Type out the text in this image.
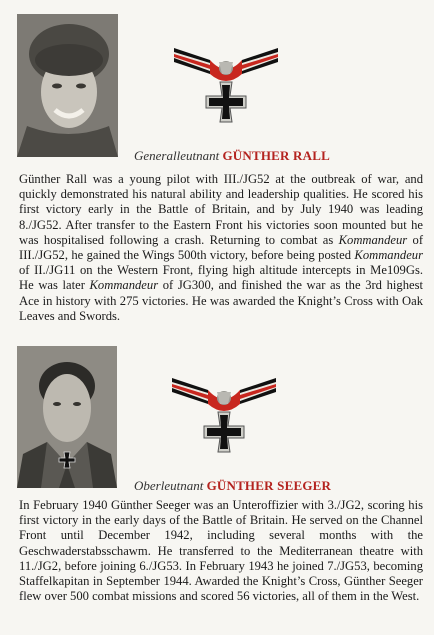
Generalleutnant GÜNTHER RALL

Günther Rall was a young pilot with III./JG52 at the outbreak of war, and quickly demonstrated his natural ability and leadership qualities. He scored his first victory early in the Battle of Britain, and by July 1940 was leading 8./JG52. After transfer to the Eastern Front his victories soon mounted but he was hospitalised following a crash. Returning to combat as Kommandeur of III./JG52, he gained the Wings 500th victory, before being posted Kommandeur of II./JG11 on the Western Front, flying high altitude intercepts in Me109Gs. He was later Kommandeur of JG300, and finished the war as the 3rd highest Ace in history with 275 victories. He was awarded the Knight’s Cross with Oak Leaves and Swords.

Oberleutnant GÜNTHER SEEGER

In February 1940 Günther Seeger was an Unteroffizier with 3./JG2, scoring his first victory in the early days of the Battle of Britain. He served on the Channel Front until December 1942, including several months with the Geschwaderstabsschawm. He transferred to the Mediterranean theatre with 11./JG2, before joining 6./JG53. In February 1943 he joined 7./JG53, becoming Staffelkapitan in September 1944. Awarded the Knight’s Cross, Günther Seeger flew over 500 combat missions and scored 56 victories, all of them in the West.
